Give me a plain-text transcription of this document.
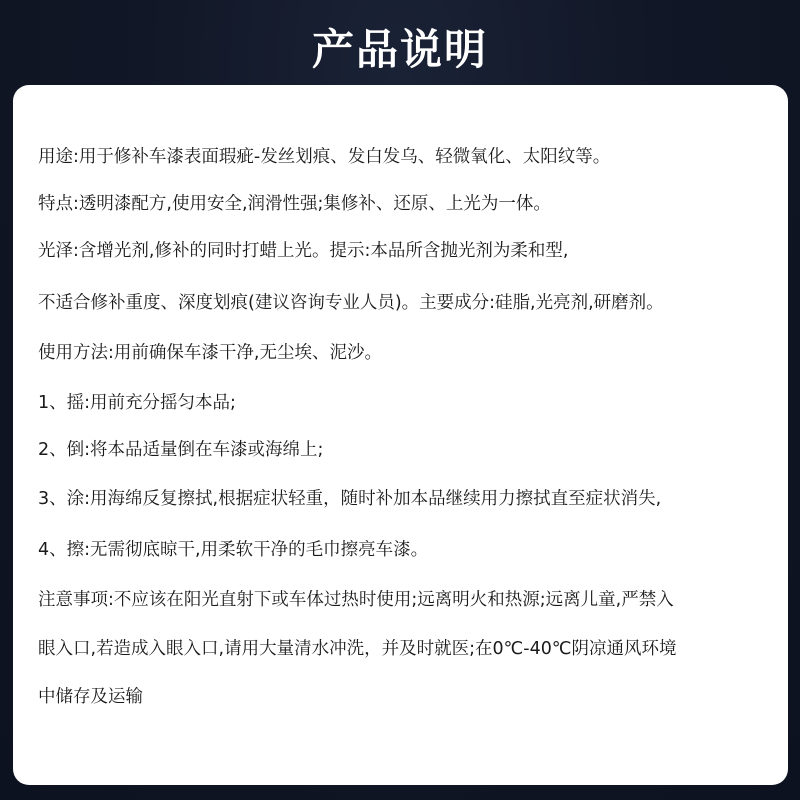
产品说明
用途:用于修补车漆表面瑕疵-发丝划痕、发白发乌、轻微氧化、太阳纹等。
特点:透明漆配方,使用安全,润滑性强;集修补、还原、上光为一体。
光泽:含增光剂,修补的同时打蜡上光。提示:本品所含抛光剂为柔和型,
不适合修补重度、深度划痕(建议咨询专业人员)。主要成分:硅脂,光亮剂,研磨剂。
使用方法:用前确保车漆干净,无尘埃、泥沙。
1、摇:用前充分摇匀本品;
2、倒:将本品适量倒在车漆或海绵上;
3、涂:用海绵反复擦拭,根据症状轻重，随时补加本品继续用力擦拭直至症状消失,
4、擦:无需彻底晾干,用柔软干净的毛巾擦亮车漆。
注意事项:不应该在阳光直射下或车体过热时使用;远离明火和热源;远离儿童,严禁入
眼入口,若造成入眼入口,请用大量清水冲洗，并及时就医;在0℃-40℃阴凉通风环境
中储存及运输
